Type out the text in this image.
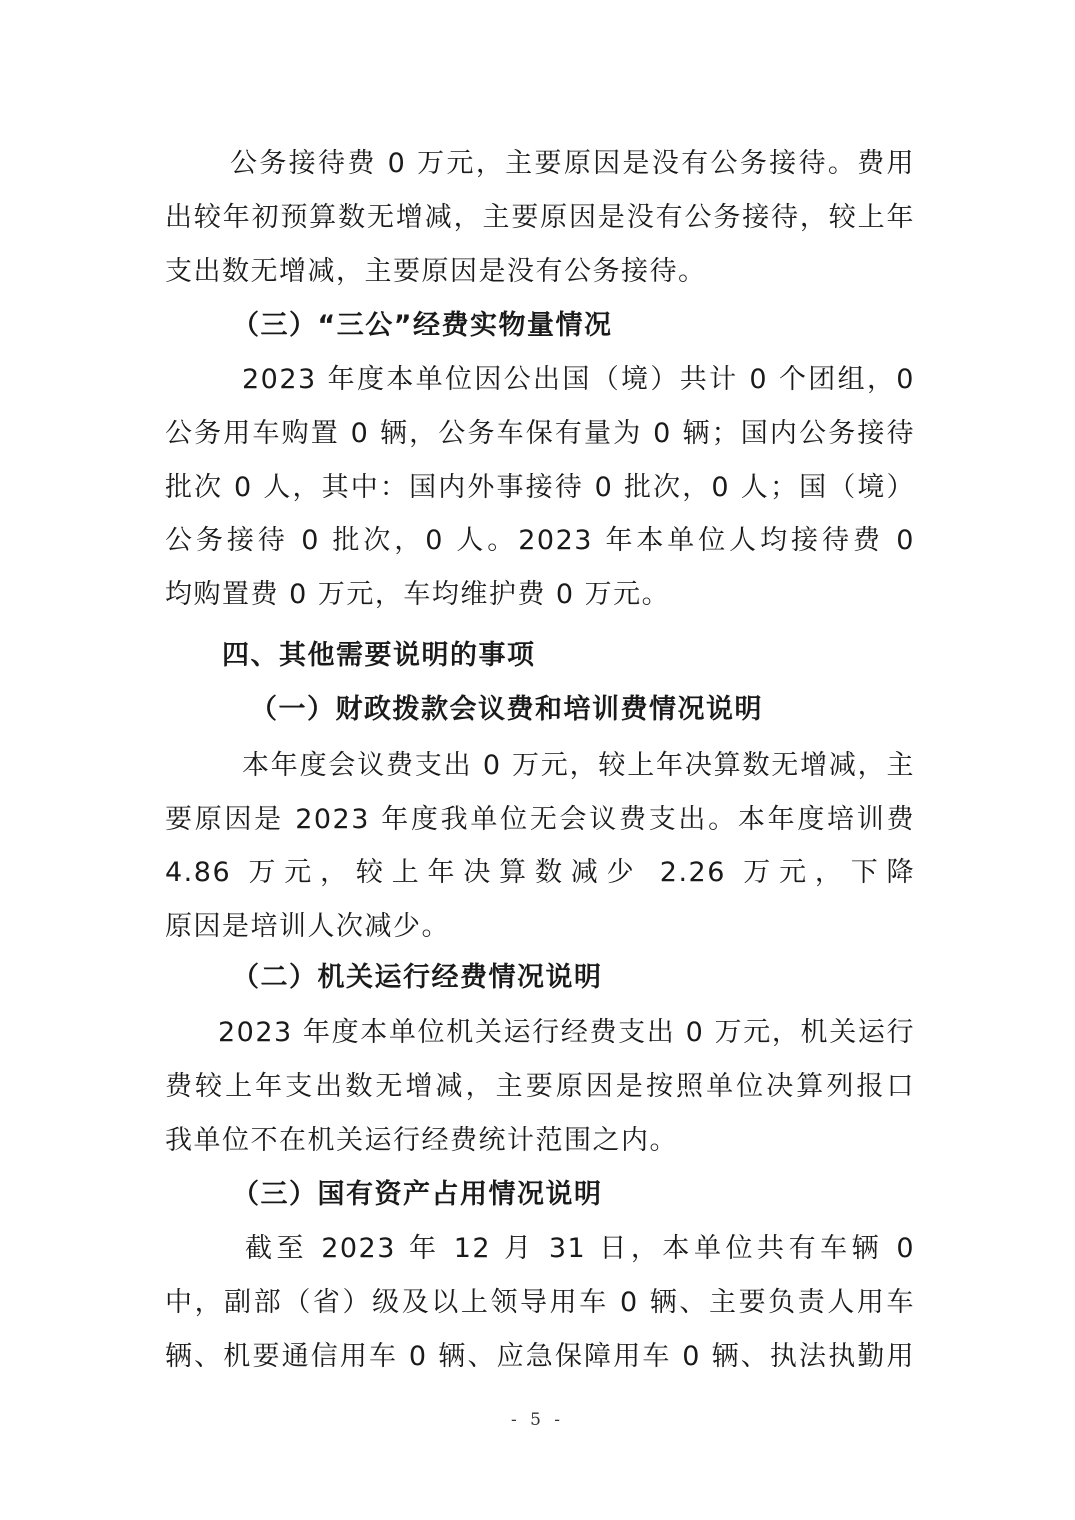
公务接待费 0 万元，主要原因是没有公务接待。费用
出较年初预算数无增减，主要原因是没有公务接待，较上年
支出数无增减，主要原因是没有公务接待。
（三）“三公”经费实物量情况
2023 年度本单位因公出国（境）共计 0 个团组，0
公务用车购置 0 辆，公务车保有量为 0 辆；国内公务接待
批次 0 人，其中：国内外事接待 0 批次，0 人；国（境）
公务接待 0 批次，0 人。2023 年本单位人均接待费 0
均购置费 0 万元，车均维护费 0 万元。
四、其他需要说明的事项
（一）财政拨款会议费和培训费情况说明
本年度会议费支出 0 万元，较上年决算数无增减，主
要原因是 2023 年度我单位无会议费支出。本年度培训费
4.86 万元，较上年决算数减少 2.26 万元，下降
原因是培训人次减少。
（二）机关运行经费情况说明
2023 年度本单位机关运行经费支出 0 万元，机关运行
费较上年支出数无增减，主要原因是按照单位决算列报口
我单位不在机关运行经费统计范围之内。
（三）国有资产占用情况说明
截至 2023 年 12 月 31 日，本单位共有车辆 0
中，副部（省）级及以上领导用车 0 辆、主要负责人用车
辆、机要通信用车 0 辆、应急保障用车 0 辆、执法执勤用
- 5 -
